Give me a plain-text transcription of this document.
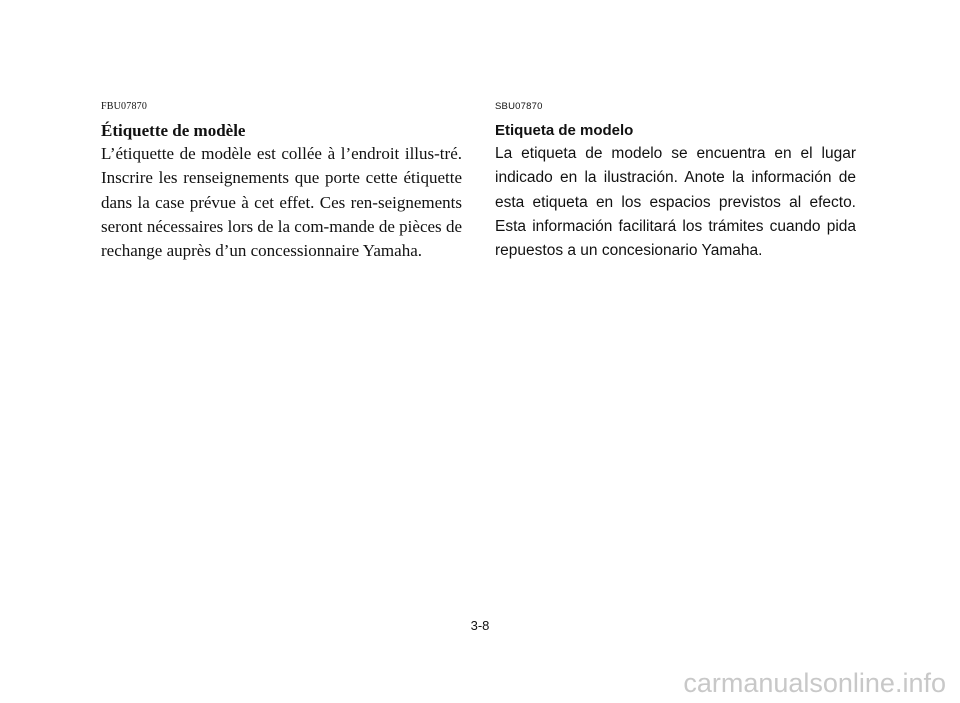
FBU07870

Étiquette de modèle

L’étiquette de modèle est collée à l’endroit illus-tré. Inscrire les renseignements que porte cette étiquette dans la case prévue à cet effet. Ces ren-seignements seront nécessaires lors de la com-mande de pièces de rechange auprès d’un concessionnaire Yamaha.

SBU07870

Etiqueta de modelo

La etiqueta de modelo se encuentra en el lugar indicado en la ilustración. Anote la información de esta etiqueta en los espacios previstos al efecto. Esta información facilitará los trámites cuando pida repuestos a un concesionario Yamaha.

3-8

carmanualsonline.info
